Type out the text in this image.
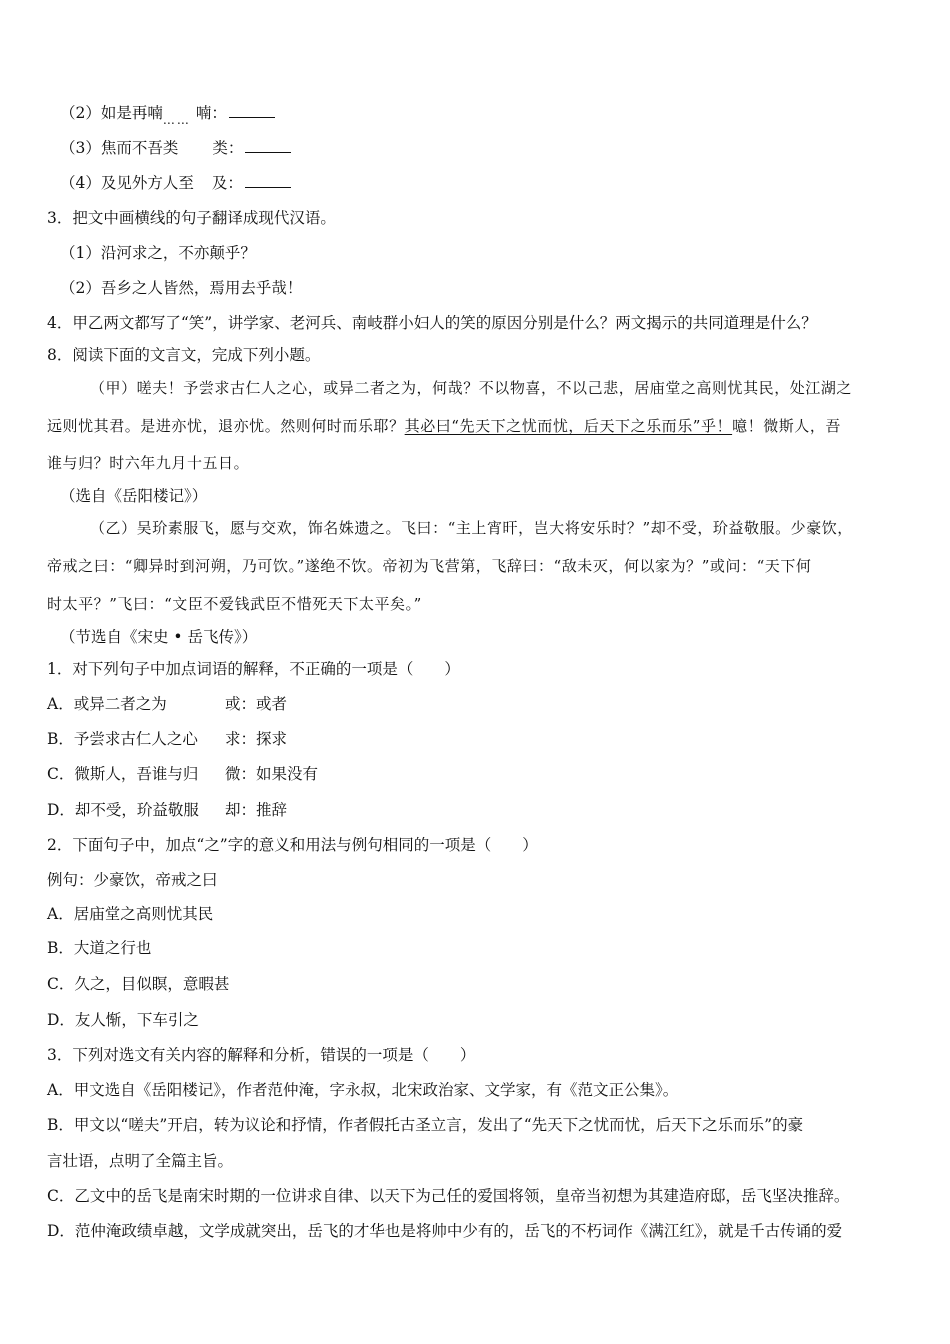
（2）如是再喃…… 喃：
（3）焦而不吾类 类：
（4）及见外方人至 及：
3．把文中画横线的句子翻译成现代汉语。
（1）沿河求之，不亦颠乎？
（2）吾乡之人皆然，焉用去乎哉！
4．甲乙两文都写了“笑”，讲学家、老河兵、南岐群小妇人的笑的原因分别是什么？两文揭示的共同道理是什么？
8．阅读下面的文言文，完成下列小题。
（甲）嗟夫！予尝求古仁人之心，或异二者之为，何哉？不以物喜，不以己悲，居庙堂之高则忧其民，处江湖之
远则忧其君。是进亦忧，退亦忧。然则何时而乐耶？其必曰“先天下之忧而忧，后天下之乐而乐”乎！噫！微斯人，吾
谁与归？时六年九月十五日。
（选自《岳阳楼记》）
（乙）吴玠素服飞，愿与交欢，饰名姝遗之。飞曰：“主上宵旰，岂大将安乐时？”却不受，玠益敬服。少豪饮，
帝戒之曰：“卿异时到河朔，乃可饮。”遂绝不饮。帝初为飞营第，飞辞曰：“敌未灭，何以家为？”或问：“天下何
时太平？”飞曰：“文臣不爱钱武臣不惜死天下太平矣。”
（节选自《宋史 • 岳飞传》）
1．对下列句子中加点词语的解释，不正确的一项是（　　）
A．或异二者之为	或：或者
B．予尝求古仁人之心 求：探求
C．微斯人，吾谁与归 微：如果没有
D．却不受，玠益敬服 却：推辞
2．下面句子中，加点“之”字的意义和用法与例句相同的一项是（　　）
例句：少豪饮，帝戒之曰
A．居庙堂之高则忧其民
B．大道之行也
C．久之，目似瞑，意暇甚
D．友人惭，下车引之
3．下列对选文有关内容的解释和分析，错误的一项是（　　）
A．甲文选自《岳阳楼记》，作者范仲淹，字永叔，北宋政治家、文学家，有《范文正公集》。
B．甲文以“嗟夫”开启，转为议论和抒情，作者假托古圣立言，发出了“先天下之忧而忧，后天下之乐而乐”的豪
言壮语，点明了全篇主旨。
C．乙文中的岳飞是南宋时期的一位讲求自律、以天下为己任的爱国将领，皇帝当初想为其建造府邸，岳飞坚决推辞。
D．范仲淹政绩卓越，文学成就突出，岳飞的才华也是将帅中少有的，岳飞的不朽词作《满江红》，就是千古传诵的爱
